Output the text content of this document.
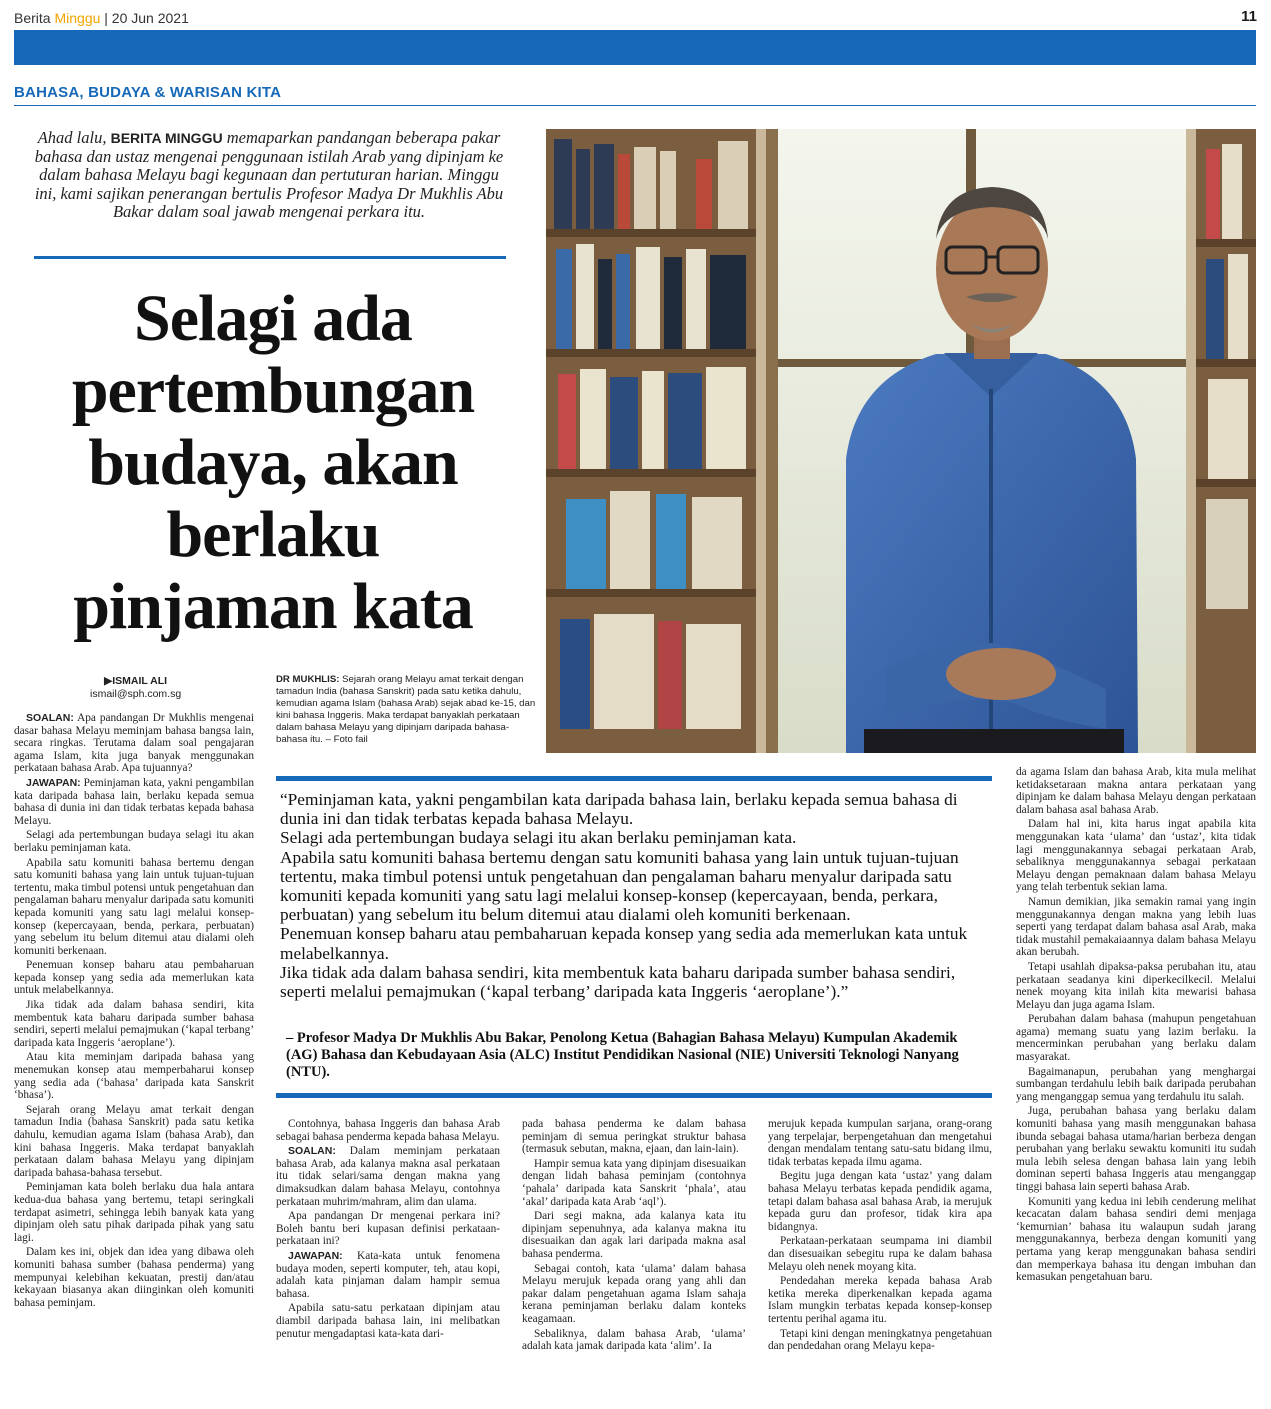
Berita Minggu | 20 Jun 2021	11
BAHASA, BUDAYA & WARISAN KITA
Ahad lalu, BERITA MINGGU memaparkan pandangan beberapa pakar bahasa dan ustaz mengenai penggunaan istilah Arab yang dipinjam ke dalam bahasa Melayu bagi kegunaan dan pertuturan harian. Minggu ini, kami sajikan penerangan bertulis Profesor Madya Dr Mukhlis Abu Bakar dalam soal jawab mengenai perkara itu.
Selagi ada pertembungan budaya, akan berlaku pinjaman kata
▶ISMAIL ALI
ismail@sph.com.sg
DR MUKHLIS: Sejarah orang Melayu amat terkait dengan tamadun India (bahasa Sanskrit) pada satu ketika dahulu, kemudian agama Islam (bahasa Arab) sejak abad ke-15, dan kini bahasa Inggeris. Maka terdapat banyaklah perkataan dalam bahasa Melayu yang dipinjam daripada bahasa-bahasa itu. – Foto fail

“Peminjaman kata, yakni pengambilan kata daripada bahasa lain, berlaku kepada semua bahasa di dunia ini dan tidak terbatas kepada bahasa Melayu.

Selagi ada pertembungan budaya selagi itu akan berlaku peminjaman kata.

Apabila satu komuniti bahasa bertemu dengan satu komuniti bahasa yang lain untuk tujuan-tujuan tertentu, maka timbul potensi untuk pengetahuan dan pengalaman baharu menyalur daripada satu komuniti kepada komuniti yang satu lagi melalui konsep-konsep (kepercayaan, benda, perkara, perbuatan) yang sebelum itu belum ditemui atau dialami oleh komuniti berkenaan.

Penemuan konsep baharu atau pembaharuan kepada konsep yang sedia ada memerlukan kata untuk melabelkannya.

Jika tidak ada dalam bahasa sendiri, kita membentuk kata baharu daripada sumber bahasa sendiri, seperti melalui pemajmukan (‘kapal terbang’ daripada kata Inggeris ‘aeroplane’).”

– Profesor Madya Dr Mukhlis Abu Bakar, Penolong Ketua (Bahagian Bahasa Melayu) Kumpulan Akademik (AG) Bahasa dan Kebudayaan Asia (ALC) Institut Pendidikan Nasional (NIE) Universiti Teknologi Nanyang (NTU).

SOALAN: Apa pandangan Dr Mukhlis mengenai dasar bahasa Melayu meminjam bahasa bangsa lain, secara ringkas. Terutama dalam soal pengajaran agama Islam, kita juga banyak menggunakan perkataan bahasa Arab. Apa tujuannya?

JAWAPAN: Peminjaman kata, yakni pengambilan kata daripada bahasa lain, berlaku kepada semua bahasa di dunia ini dan tidak terbatas kepada bahasa Melayu.

Selagi ada pertembungan budaya selagi itu akan berlaku peminjaman kata.

Apabila satu komuniti bahasa bertemu dengan satu komuniti bahasa yang lain untuk tujuan-tujuan tertentu, maka timbul potensi untuk pengetahuan dan pengalaman baharu menyalur daripada satu komuniti kepada komuniti yang satu lagi melalui konsep-konsep (kepercayaan, benda, perkara, perbuatan) yang sebelum itu belum ditemui atau dialami oleh komuniti berkenaan.

Penemuan konsep baharu atau pembaharuan kepada konsep yang sedia ada memerlukan kata untuk melabelkannya.

Jika tidak ada dalam bahasa sendiri, kita membentuk kata baharu daripada sumber bahasa sendiri, seperti melalui pemajmukan (‘kapal terbang’ daripada kata Inggeris ‘aeroplane’).

Atau kita meminjam daripada bahasa yang menemukan konsep atau memperbaharui konsep yang sedia ada (‘bahasa’ daripada kata Sanskrit ‘bhasa’).

Sejarah orang Melayu amat terkait dengan tamadun India (bahasa Sanskrit) pada satu ketika dahulu, kemudian agama Islam (bahasa Arab), dan kini bahasa Inggeris. Maka terdapat banyaklah perkataan dalam bahasa Melayu yang dipinjam daripada bahasa-bahasa tersebut.

Peminjaman kata boleh berlaku dua hala antara kedua-dua bahasa yang bertemu, tetapi seringkali terdapat asimetri, sehingga lebih banyak kata yang dipinjam oleh satu pihak daripada pihak yang satu lagi.

Dalam kes ini, objek dan idea yang dibawa oleh komuniti bahasa sumber (bahasa penderma) yang mempunyai kelebihan kekuatan, prestij dan/atau kekayaan biasanya akan diinginkan oleh komuniti bahasa peminjam.

Contohnya, bahasa Inggeris dan bahasa Arab sebagai bahasa penderma kepada bahasa Melayu.

SOALAN: Dalam meminjam perkataan bahasa Arab, ada kalanya makna asal perkataan itu tidak selari/sama dengan makna yang dimaksudkan dalam bahasa Melayu, contohnya perkataan muhrim/mahram, alim dan ulama.

Apa pandangan Dr mengenai perkara ini? Boleh bantu beri kupasan definisi perkataan-perkataan ini?

JAWAPAN: Kata-kata untuk fenomena budaya moden, seperti komputer, teh, atau kopi, adalah kata pinjaman dalam hampir semua bahasa.

Apabila satu-satu perkataan dipinjam atau diambil daripada bahasa lain, ini melibatkan penutur mengadaptasi kata-kata dari-

pada bahasa penderma ke dalam bahasa peminjam di semua peringkat struktur bahasa (termasuk sebutan, makna, ejaan, dan lain-lain).

Hampir semua kata yang dipinjam disesuaikan dengan lidah bahasa peminjam (contohnya ‘pahala’ daripada kata Sanskrit ‘phala’, atau ‘akal’ daripada kata Arab ‘aql’).

Dari segi makna, ada kalanya kata itu dipinjam sepenuhnya, ada kalanya makna itu disesuaikan dan agak lari daripada makna asal bahasa penderma.

Sebagai contoh, kata ‘ulama’ dalam bahasa Melayu merujuk kepada orang yang ahli dan pakar dalam pengetahuan agama Islam sahaja kerana peminjaman berlaku dalam konteks keagamaan.

Sebaliknya, dalam bahasa Arab, ‘ulama’ adalah kata jamak daripada kata ‘alim’. Ia

merujuk kepada kumpulan sarjana, orang-orang yang terpelajar, berpengetahuan dan mengetahui dengan mendalam tentang satu-satu bidang ilmu, tidak terbatas kepada ilmu agama.

Begitu juga dengan kata ‘ustaz’ yang dalam bahasa Melayu terbatas kepada pendidik agama, tetapi dalam bahasa asal bahasa Arab, ia merujuk kepada guru dan profesor, tidak kira apa bidangnya.

Perkataan-perkataan seumpama ini diambil dan disesuaikan sebegitu rupa ke dalam bahasa Melayu oleh nenek moyang kita.

Pendedahan mereka kepada bahasa Arab ketika mereka diperkenalkan kepada agama Islam mungkin terbatas kepada konsep-konsep tertentu perihal agama itu.

Tetapi kini dengan meningkatnya pengetahuan dan pendedahan orang Melayu kepa-

da agama Islam dan bahasa Arab, kita mula melihat ketidaksetaraan makna antara perkataan yang dipinjam ke dalam bahasa Melayu dengan perkataan dalam bahasa asal bahasa Arab.

Dalam hal ini, kita harus ingat apabila kita menggunakan kata ‘ulama’ dan ‘ustaz’, kita tidak lagi menggunakannya sebagai perkataan Arab, sebaliknya menggunakannya sebagai perkataan Melayu dengan pemaknaan dalam bahasa Melayu yang telah terbentuk sekian lama.

Namun demikian, jika semakin ramai yang ingin menggunakannya dengan makna yang lebih luas seperti yang terdapat dalam bahasa asal Arab, maka tidak mustahil pemakaiaannya dalam bahasa Melayu akan berubah.

Tetapi usahlah dipaksa-paksa perubahan itu, atau perkataan seadanya kini diperkecilkecil. Melalui nenek moyang kita inilah kita mewarisi bahasa Melayu dan juga agama Islam.

Perubahan dalam bahasa (mahupun pengetahuan agama) memang suatu yang lazim berlaku. Ia mencerminkan perubahan yang berlaku dalam masyarakat.

Bagaimanapun, perubahan yang menghargai sumbangan terdahulu lebih baik daripada perubahan yang menganggap semua yang terdahulu itu salah.

Juga, perubahan bahasa yang berlaku dalam komuniti bahasa yang masih menggunakan bahasa ibunda sebagai bahasa utama/harian berbeza dengan perubahan yang berlaku sewaktu komuniti itu sudah mula lebih selesa dengan bahasa lain yang lebih dominan seperti bahasa Inggeris atau menganggap tinggi bahasa lain seperti bahasa Arab.

Komuniti yang kedua ini lebih cenderung melihat kecacatan dalam bahasa sendiri demi menjaga ‘kemurnian’ bahasa itu walaupun sudah jarang menggunakannya, berbeza dengan komuniti yang pertama yang kerap menggunakan bahasa sendiri dan memperkaya bahasa itu dengan imbuhan dan kemasukan pengetahuan baru.
